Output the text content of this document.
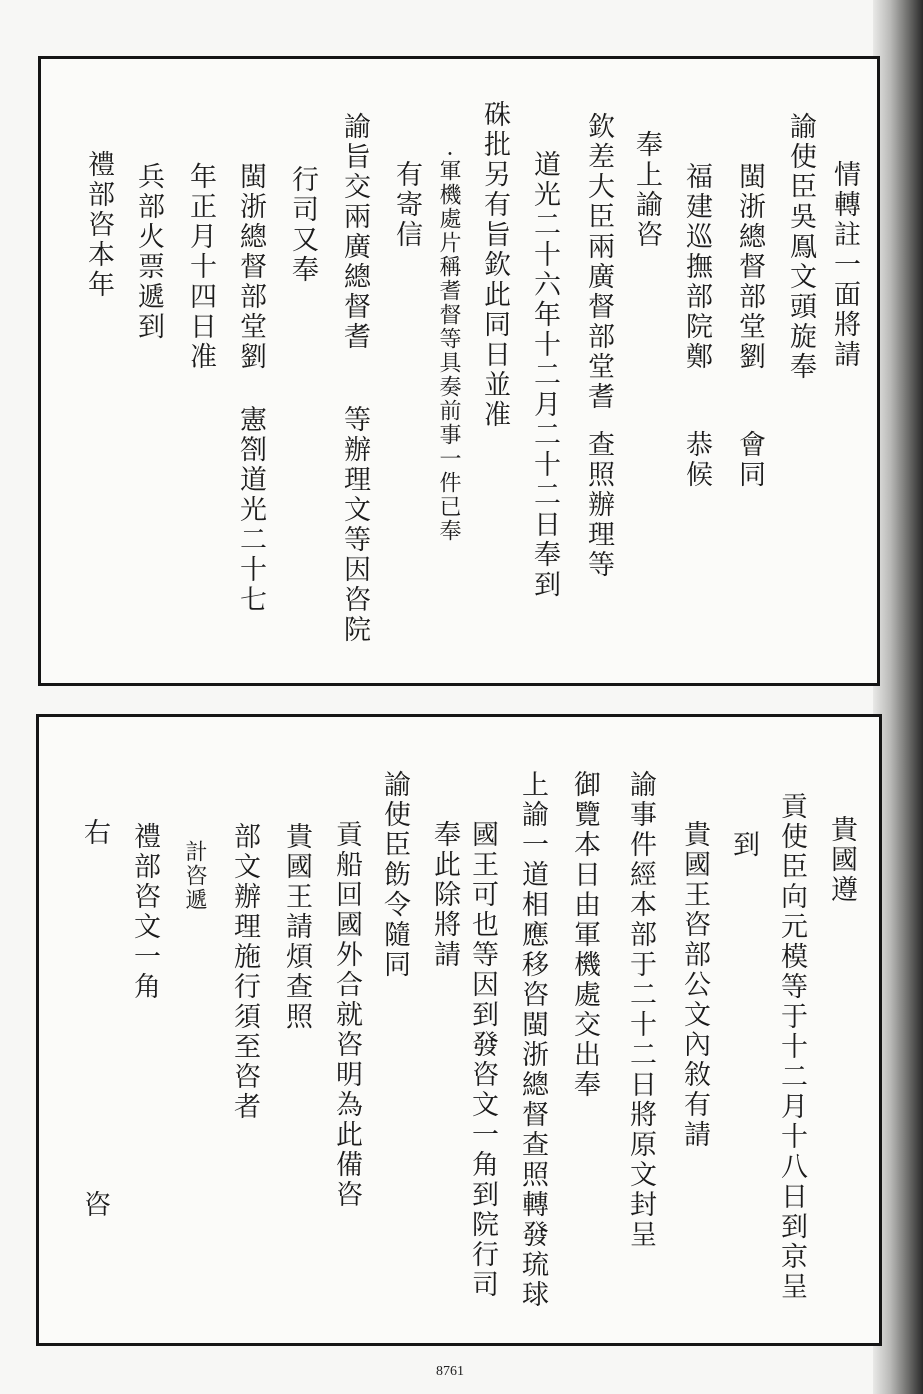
情轉註一面將請
諭使臣吳鳯文頭旋奉
閩浙總督部堂劉
會同
福建巡撫部院鄭
恭候
奉上諭咨
欽差大臣兩廣督部堂耆
查照辦理等
道光二十六年十二月二十二日奉到
硃批另有旨欽此同日並准
·軍機處片稱耆督等具奏前事一件已奉
有寄信
等辦理文等因咨院
諭旨交兩廣總督耆
行司又奉
閩浙總督部堂劉
憲劄道光二十七
年正月十四日准
兵部火票遞到
禮部咨本年
貴國遵
貢使臣向元模等于十二月十八日到京呈
到
貴國王咨部公文內敘有請
諭事件經本部于二十二日將原文封呈
御覽本日由軍機處交出奉
上諭一道相應移咨閩浙總督查照轉發琉球
國王可也等因到發咨文一角到院行司
奉此除將請
諭使臣飭令隨同
貢船回國外合就咨明為此備咨
貴國王請煩查照
部文辦理施行須至咨者
計咨遞
禮部咨文一角
右
咨
8761
